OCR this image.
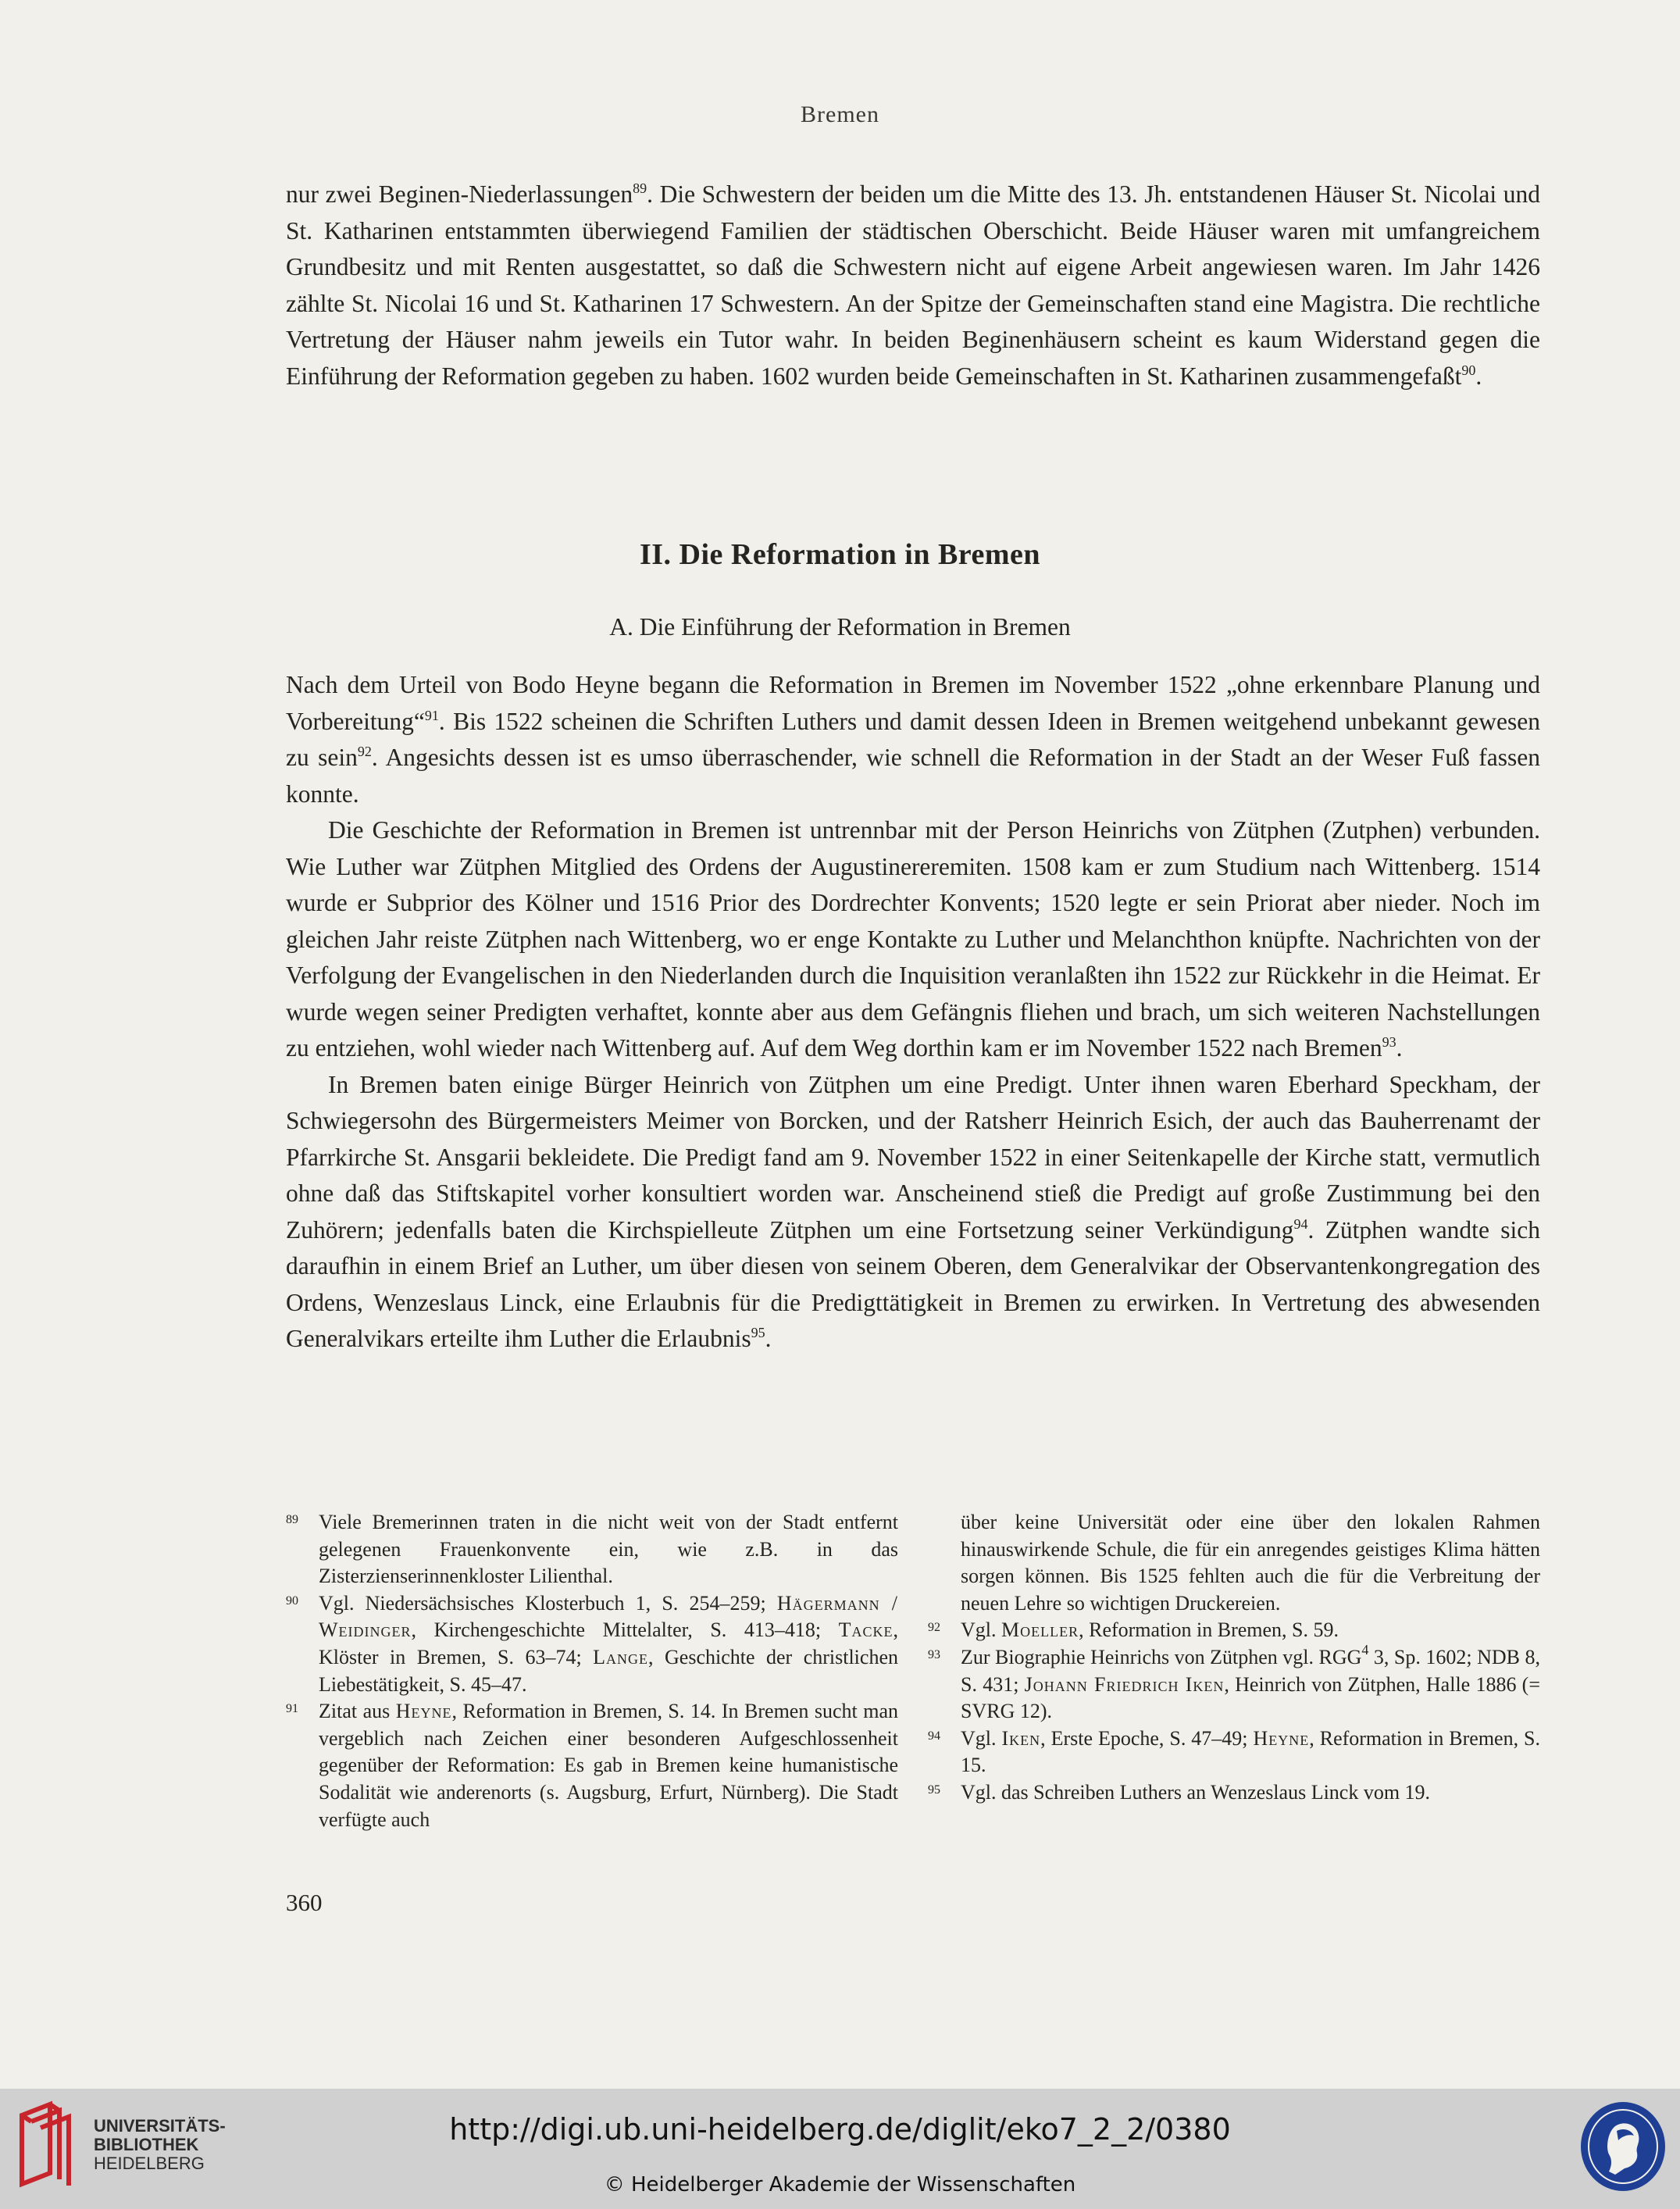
Bremen

nur zwei Beginen-Niederlassungen$^{89}$. Die Schwestern der beiden um die Mitte des 13. Jh. entstandenen Häuser St. Nicolai und St. Katharinen entstammten überwiegend Familien der städtischen Oberschicht. Beide Häuser waren mit umfangreichem Grundbesitz und mit Renten ausgestattet, so daß die Schwestern nicht auf eigene Arbeit angewiesen waren. Im Jahr 1426 zählte St. Nicolai 16 und St. Katharinen 17 Schwestern. An der Spitze der Gemeinschaften stand eine Magistra. Die rechtliche Vertretung der Häuser nahm jeweils ein Tutor wahr. In beiden Beginenhäusern scheint es kaum Widerstand gegen die Einführung der Reformation gegeben zu haben. 1602 wurden beide Gemeinschaften in St. Katharinen zusammengefaßt$^{90}$.

II. Die Reformation in Bremen
A. Die Einführung der Reformation in Bremen

Nach dem Urteil von Bodo Heyne begann die Reformation in Bremen im November 1522 „ohne erkennbare Planung und Vorbereitung“$^{91}$. Bis 1522 scheinen die Schriften Luthers und damit dessen Ideen in Bremen weitgehend unbekannt gewesen zu sein$^{92}$. Angesichts dessen ist es umso überraschender, wie schnell die Reformation in der Stadt an der Weser Fuß fassen konnte.

Die Geschichte der Reformation in Bremen ist untrennbar mit der Person Heinrichs von Zütphen (Zutphen) verbunden. Wie Luther war Zütphen Mitglied des Ordens der Augustinereremiten. 1508 kam er zum Studium nach Wittenberg. 1514 wurde er Subprior des Kölner und 1516 Prior des Dordrechter Konvents; 1520 legte er sein Priorat aber nieder. Noch im gleichen Jahr reiste Zütphen nach Wittenberg, wo er enge Kontakte zu Luther und Melanchthon knüpfte. Nachrichten von der Verfolgung der Evangelischen in den Niederlanden durch die Inquisition veranlaßten ihn 1522 zur Rückkehr in die Heimat. Er wurde wegen seiner Predigten verhaftet, konnte aber aus dem Gefängnis fliehen und brach, um sich weiteren Nachstellungen zu entziehen, wohl wieder nach Wittenberg auf. Auf dem Weg dorthin kam er im November 1522 nach Bremen$^{93}$.

In Bremen baten einige Bürger Heinrich von Zütphen um eine Predigt. Unter ihnen waren Eberhard Speckham, der Schwiegersohn des Bürgermeisters Meimer von Borcken, und der Ratsherr Heinrich Esich, der auch das Bauherrenamt der Pfarrkirche St. Ansgarii bekleidete. Die Predigt fand am 9. November 1522 in einer Seitenkapelle der Kirche statt, vermutlich ohne daß das Stiftskapitel vorher konsultiert worden war. Anscheinend stieß die Predigt auf große Zustimmung bei den Zuhörern; jedenfalls baten die Kirchspielleute Zütphen um eine Fortsetzung seiner Verkündigung$^{94}$. Zütphen wandte sich daraufhin in einem Brief an Luther, um über diesen von seinem Oberen, dem Generalvikar der Observantenkongregation des Ordens, Wenzeslaus Linck, eine Erlaubnis für die Predigttätigkeit in Bremen zu erwirken. In Vertretung des abwesenden Generalvikars erteilte ihm Luther die Erlaubnis$^{95}$.

89 Viele Bremerinnen traten in die nicht weit von der Stadt entfernt gelegenen Frauenkonvente ein, wie z.B. in das Zisterzienserinnenkloster Lilienthal.
90 Vgl. Niedersächsisches Klosterbuch 1, S. 254–259; Hägermann / Weidinger, Kirchengeschichte Mittelalter, S. 413–418; Tacke, Klöster in Bremen, S. 63–74; Lange, Geschichte der christlichen Liebestätigkeit, S. 45–47.
91 Zitat aus Heyne, Reformation in Bremen, S. 14. In Bremen sucht man vergeblich nach Zeichen einer besonderen Aufgeschlossenheit gegenüber der Reformation: Es gab in Bremen keine humanistische Sodalität wie anderenorts (s. Augsburg, Erfurt, Nürnberg). Die Stadt verfügte auch
über keine Universität oder eine über den lokalen Rahmen hinauswirkende Schule, die für ein anregendes geistiges Klima hätten sorgen können. Bis 1525 fehlten auch die für die Verbreitung der neuen Lehre so wichtigen Druckereien.
92 Vgl. Moeller, Reformation in Bremen, S. 59.
93 Zur Biographie Heinrichs von Zütphen vgl. RGG$^4$ 3, Sp. 1602; NDB 8, S. 431; Johann Friedrich Iken, Heinrich von Zütphen, Halle 1886 (= SVRG 12).
94 Vgl. Iken, Erste Epoche, S. 47–49; Heyne, Reformation in Bremen, S. 15.
95 Vgl. das Schreiben Luthers an Wenzeslaus Linck vom 19.
360
UNIVERSITÄTS-
BIBLIOTHEK
HEIDELBERG
http://digi.ub.uni-heidelberg.de/diglit/eko7_2_2/0380
© Heidelberger Akademie der Wissenschaften
